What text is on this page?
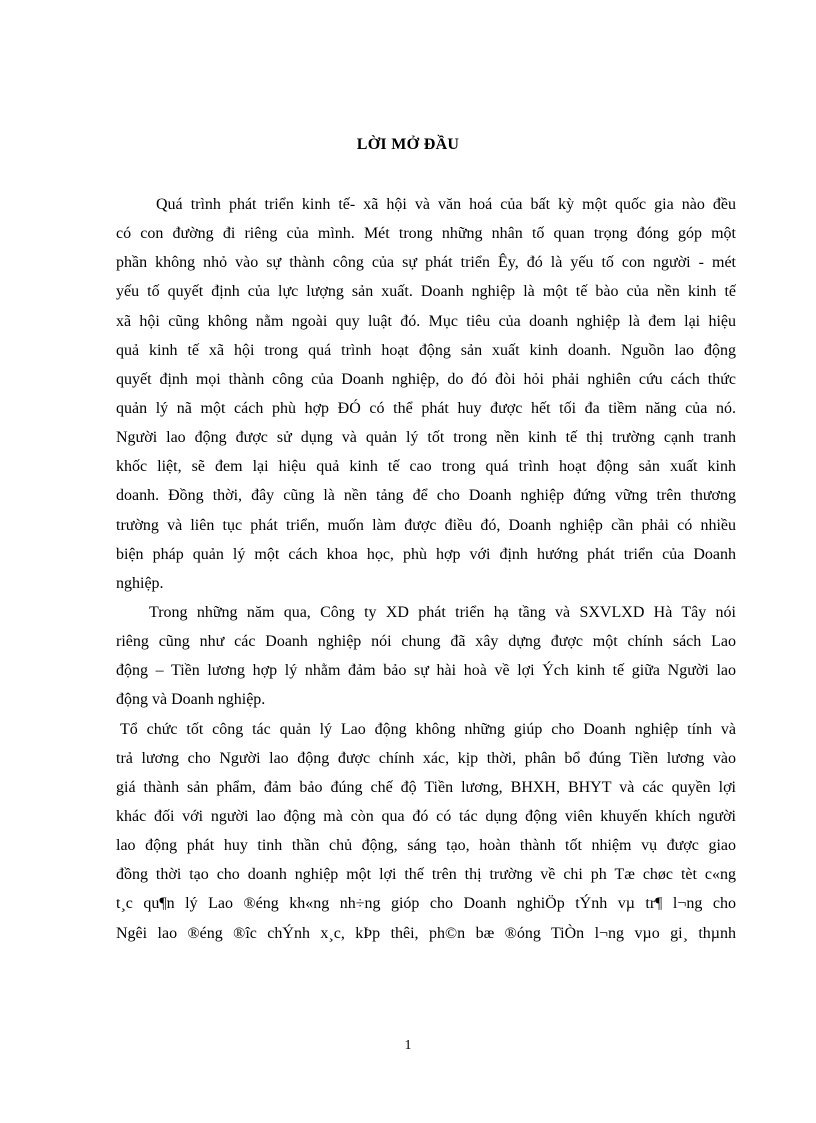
LỜI MỞ ĐẦU
Quá trình phát triển kinh tế- xã hội và văn hoá của bất kỳ một quốc gia nào đều
có con đường đi riêng của mình. Mét trong những nhân tố quan trọng đóng góp một
phần không nhỏ vào sự thành công của sự phát triển Êy, đó là yếu tố con người - mét
yếu tố quyết định của lực lượng sản xuất. Doanh nghiệp là một tế bào của nền kinh tế
xã hội cũng không nằm ngoài quy luật đó. Mục tiêu của doanh nghiệp là đem lại hiệu
quả kinh tế xã hội trong quá trình hoạt động sản xuất kinh doanh. Nguồn lao động
quyết định mọi thành công của Doanh nghiệp, do đó đòi hỏi phải nghiên cứu cách thức
quản lý nã một cách phù hợp ĐÓ có thể phát huy được hết tối đa tiềm năng của nó.
Người lao động được sử dụng và quản lý tốt trong nền kinh tế thị trường cạnh tranh
khốc liệt, sẽ đem lại hiệu quả kinh tế cao trong quá trình hoạt động sản xuất kinh
doanh. Đồng thời, đây cũng là nền tảng để cho Doanh nghiệp đứng vững trên thương
trường và liên tục phát triển, muốn làm được điều đó, Doanh nghiệp cần phải có nhiều
biện pháp quản lý một cách khoa học, phù hợp với định hướng phát triển của Doanh
nghiệp.
Trong những năm qua, Công ty XD phát triển hạ tầng và SXVLXD Hà Tây nói
riêng cũng như các Doanh nghiệp nói chung đã xây dựng được một chính sách Lao
động – Tiền lương hợp lý nhằm đảm bảo sự hài hoà về lợi Ých kinh tế giữa Người lao
động và Doanh nghiệp.
Tổ chức tốt công tác quản lý Lao động không những giúp cho Doanh nghiệp tính và
trả lương cho Người lao động được chính xác, kịp thời, phân bổ đúng Tiền lương vào
giá thành sản phẩm, đảm bảo đúng chế độ Tiền lương, BHXH, BHYT và các quyền lợi
khác đối với người lao động mà còn qua đó có tác dụng động viên khuyến khích người
lao động phát huy tinh thần chủ động, sáng tạo, hoàn thành tốt nhiệm vụ được giao
đồng thời tạo cho doanh nghiệp một lợi thế trên thị trường về chi ph Tæ chøc tèt c«ng
t¸c qu¶n lý Lao ®éng kh«ng nh÷ng gióp cho Doanh nghiÖp tÝnh vµ tr¶ l¬ng cho
Ngêi lao ®éng ®îc chÝnh x¸c, kÞp thêi, ph©n bæ ®óng TiÒn l¬ng vµo gi¸ thµnh
1
